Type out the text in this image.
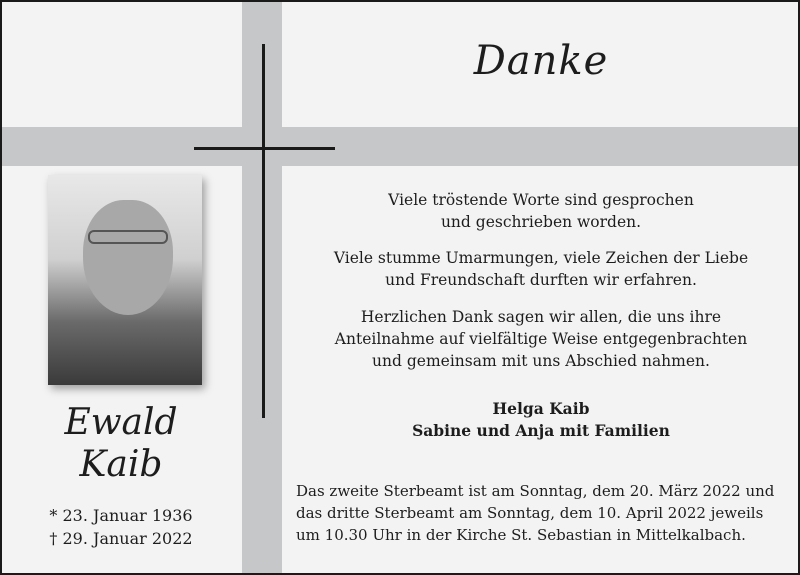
Danke
Ewald
Kaib
* 23. Januar 1936
† 29. Januar 2022
Viele tröstende Worte sind gesprochen
und geschrieben worden.
Viele stumme Umarmungen, viele Zeichen der Liebe
und Freundschaft durften wir erfahren.
Herzlichen Dank sagen wir allen, die uns ihre
Anteilnahme auf vielfältige Weise entgegenbrachten
und gemeinsam mit uns Abschied nahmen.
Helga Kaib
Sabine und Anja mit Familien
Das zweite Sterbeamt ist am Sonntag, dem 20. März 2022 und
das dritte Sterbeamt am Sonntag, dem 10. April 2022 jeweils
um 10.30 Uhr in der Kirche St. Sebastian in Mittelkalbach.
